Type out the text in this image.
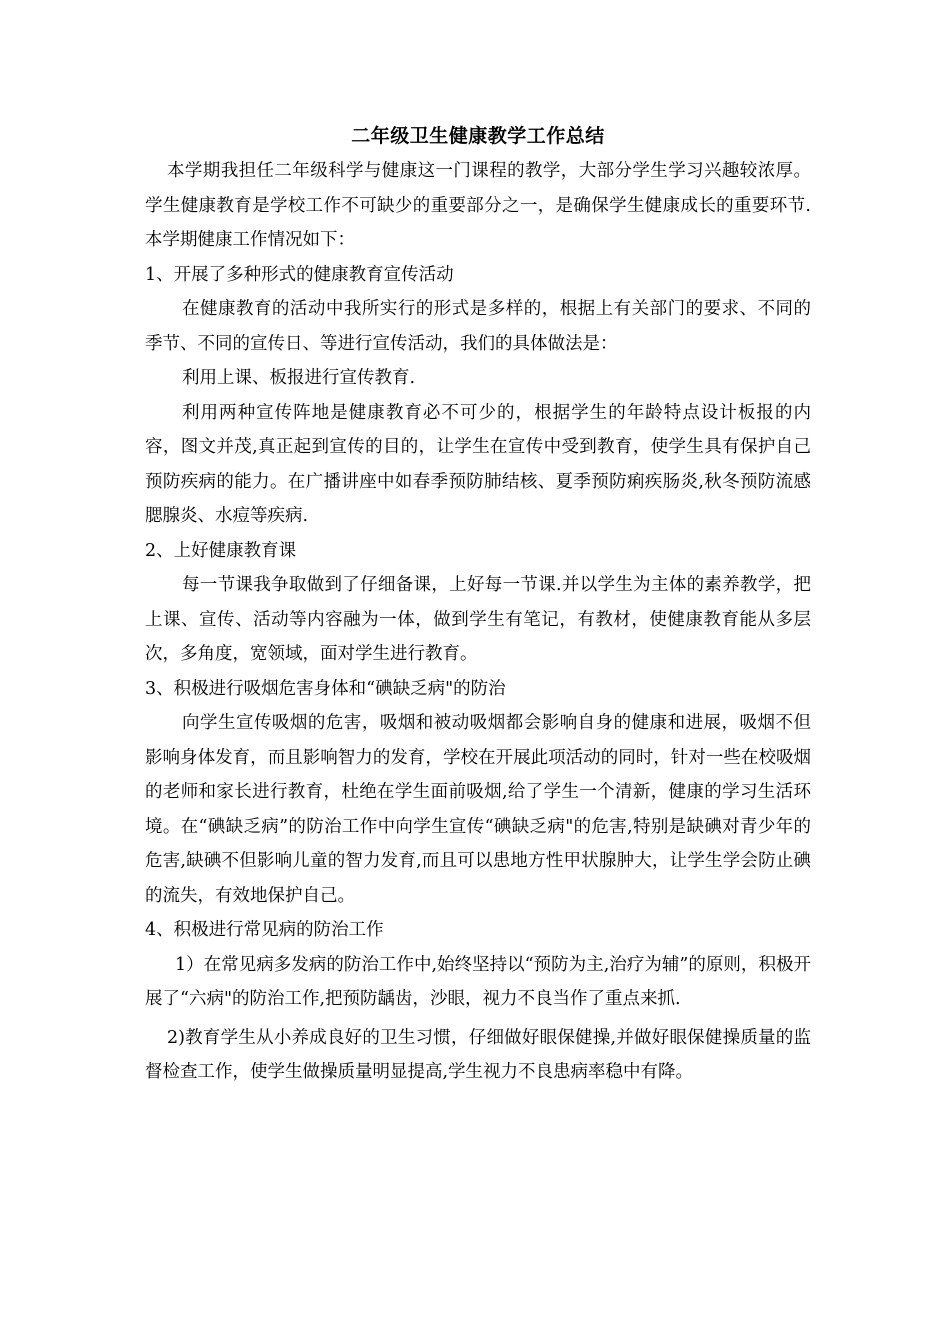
二年级卫生健康教学工作总结

本学期我担任二年级科学与健康这一门课程的教学，大部分学生学习兴趣较浓厚。学生健康教育是学校工作不可缺少的重要部分之一，是确保学生健康成长的重要环节.本学期健康工作情况如下：

1、开展了多种形式的健康教育宣传活动

在健康教育的活动中我所实行的形式是多样的，根据上有关部门的要求、不同的季节、不同的宣传日、等进行宣传活动，我们的具体做法是：

利用上课、板报进行宣传教育.

利用两种宣传阵地是健康教育必不可少的，根据学生的年龄特点设计板报的内容，图文并茂,真正起到宣传的目的，让学生在宣传中受到教育，使学生具有保护自己预防疾病的能力。在广播讲座中如春季预防肺结核、夏季预防痢疾肠炎,秋冬预防流感腮腺炎、水痘等疾病.

2、上好健康教育课

每一节课我争取做到了仔细备课，上好每一节课.并以学生为主体的素养教学，把上课、宣传、活动等内容融为一体，做到学生有笔记，有教材，使健康教育能从多层次，多角度，宽领域，面对学生进行教育。

3、积极进行吸烟危害身体和“碘缺乏病"的防治

向学生宣传吸烟的危害，吸烟和被动吸烟都会影响自身的健康和进展，吸烟不但影响身体发育，而且影响智力的发育，学校在开展此项活动的同时，针对一些在校吸烟的老师和家长进行教育，杜绝在学生面前吸烟,给了学生一个清新，健康的学习生活环境。在“碘缺乏病”的防治工作中向学生宣传“碘缺乏病"的危害,特别是缺碘对青少年的危害,缺碘不但影响儿童的智力发育,而且可以患地方性甲状腺肿大，让学生学会防止碘的流失，有效地保护自己。

4、积极进行常见病的防治工作

1）在常见病多发病的防治工作中,始终坚持以“预防为主,治疗为辅”的原则，积极开展了“六病"的防治工作,把预防龋齿，沙眼，视力不良当作了重点来抓.

2)教育学生从小养成良好的卫生习惯，仔细做好眼保健操,并做好眼保健操质量的监督检查工作，使学生做操质量明显提高,学生视力不良患病率稳中有降。
